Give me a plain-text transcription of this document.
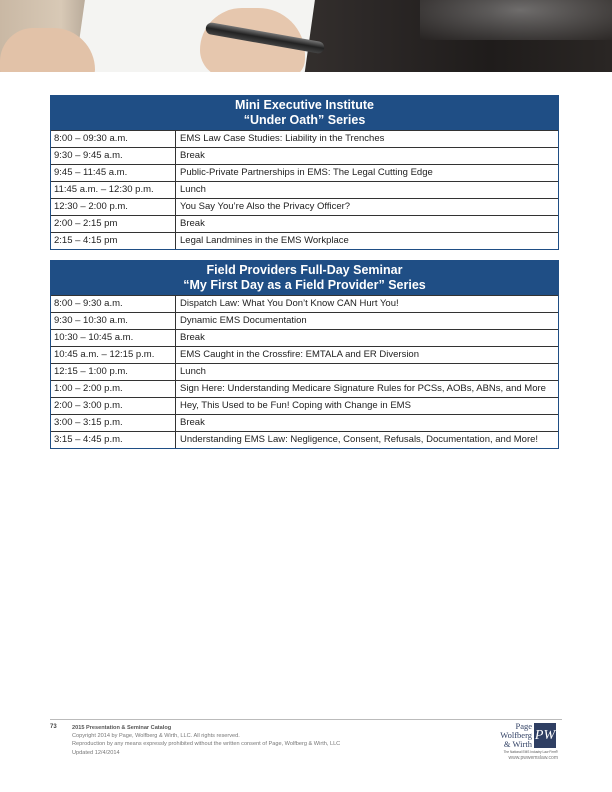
Mini Executive Institute
“Under Oath” Series
8:00 – 09:30 a.m.	EMS Law Case Studies: Liability in the Trenches
9:30 – 9:45 a.m.	Break
9:45 – 11:45 a.m.	Public-Private Partnerships in EMS: The Legal Cutting Edge
11:45 a.m. – 12:30 p.m.	Lunch
12:30 – 2:00 p.m.	You Say You’re Also the Privacy Officer?
2:00 – 2:15 pm	Break
2:15 – 4:15 pm	Legal Landmines in the EMS Workplace
Field Providers Full-Day Seminar
“My First Day as a Field Provider” Series
8:00 – 9:30 a.m.	Dispatch Law: What You Don’t Know CAN Hurt You!
9:30 – 10:30 a.m.	Dynamic EMS Documentation
10:30 – 10:45 a.m.	Break
10:45 a.m. – 12:15 p.m.	EMS Caught in the Crossfire: EMTALA and ER Diversion
12:15 – 1:00 p.m.	Lunch
1:00 – 2:00 p.m.	Sign Here: Understanding Medicare Signature Rules for PCSs, AOBs, ABNs, and More
2:00 – 3:00 p.m.	Hey, This Used to be Fun! Coping with Change in EMS
3:00 – 3:15 p.m.	Break
3:15 – 4:45 p.m.	Understanding EMS Law: Negligence, Consent, Refusals, Documentation, and More!
73	2015 Presentation & Seminar Catalog
Copyright 2014 by Page, Wolfberg & Wirth, LLC. All rights reserved.
Reproduction by any means expressly prohibited without the written consent of Page, Wolfberg & Wirth, LLC
Updated 12/4/2014
Page
Wolfberg
& Wirth
PW
The National EMS Industry Law Firm®
www.pwwemslaw.com
